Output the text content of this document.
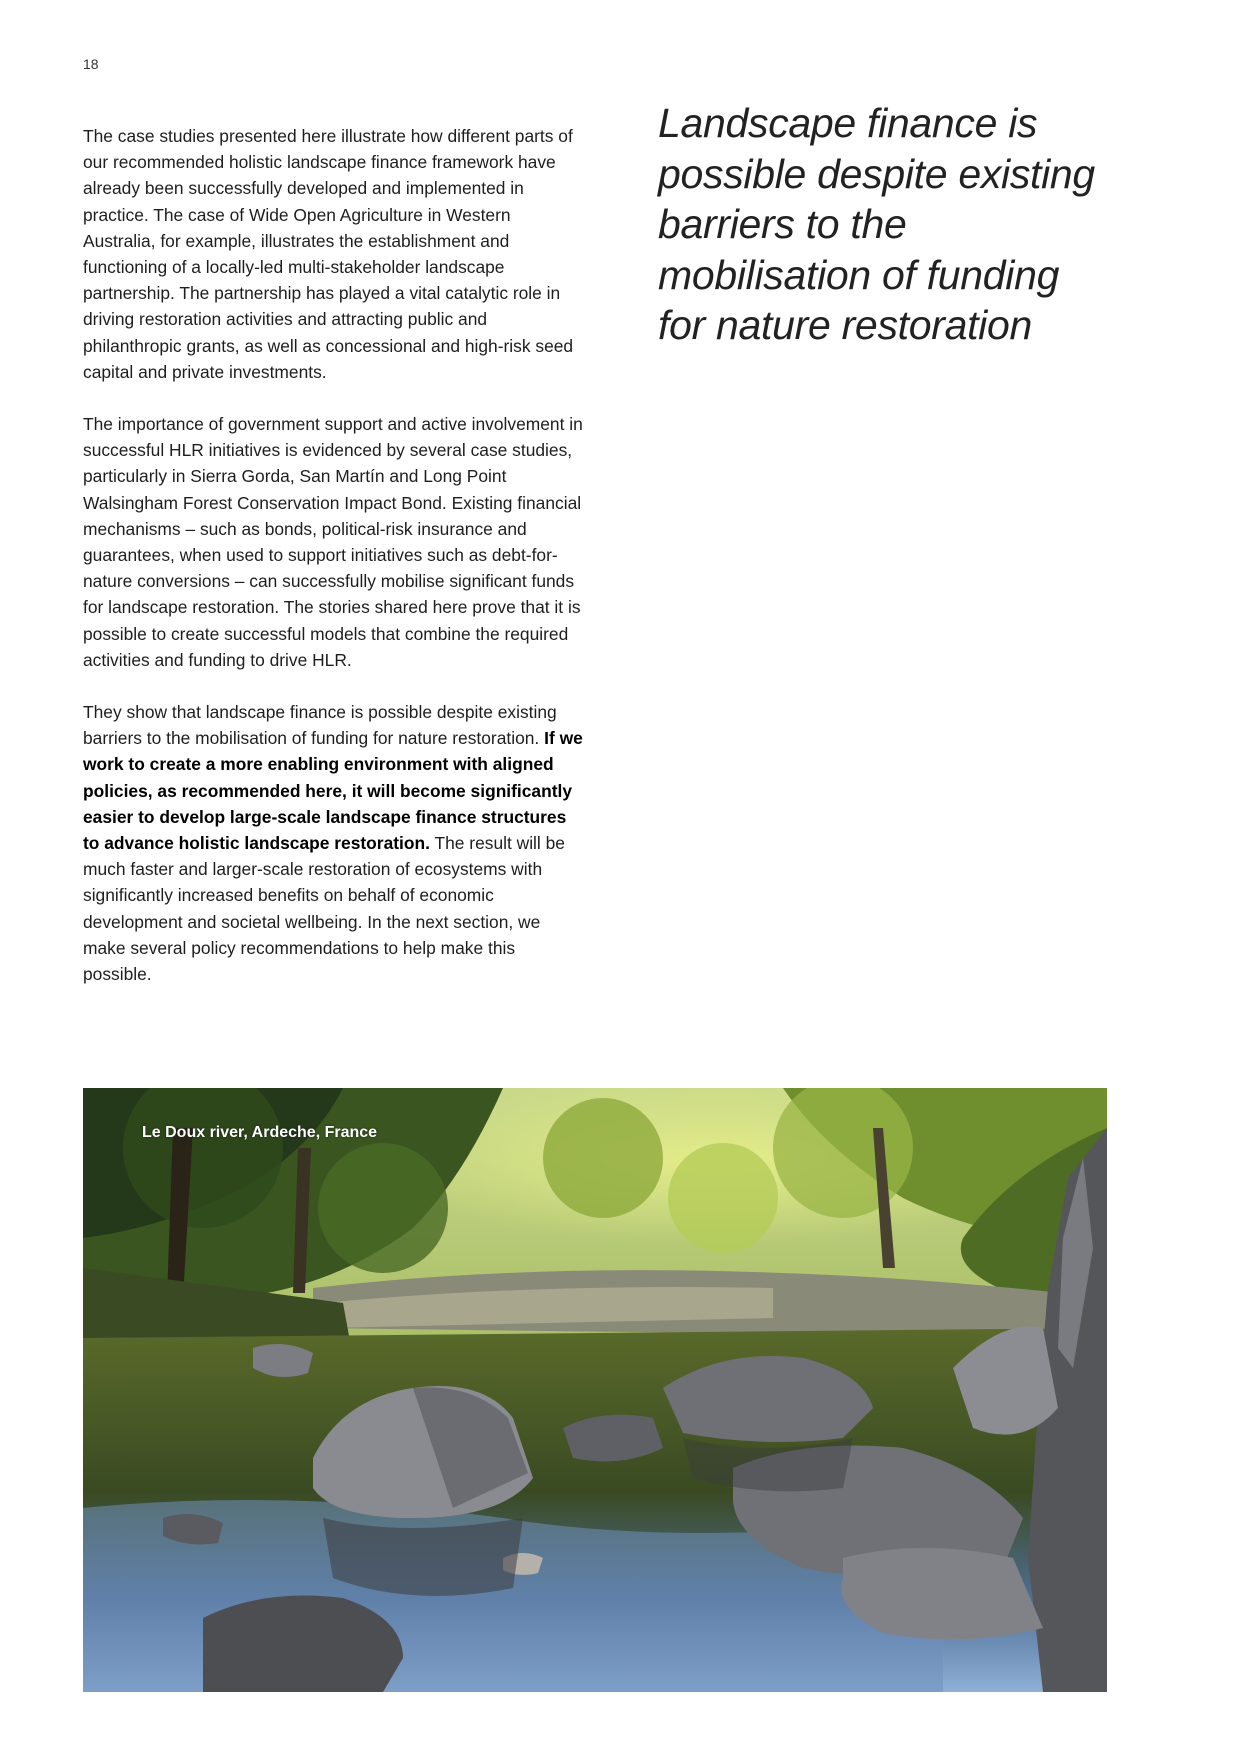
18

The case studies presented here illustrate how different parts of our recommended holistic landscape finance framework have already been successfully developed and implemented in practice. The case of Wide Open Agriculture in Western Australia, for example, illustrates the establishment and functioning of a locally-led multi-stakeholder landscape partnership. The partnership has played a vital catalytic role in driving restoration activities and attracting public and philanthropic grants, as well as concessional and high-risk seed capital and private investments.

The importance of government support and active involvement in successful HLR initiatives is evidenced by several case studies, particularly in Sierra Gorda, San Martín and Long Point Walsingham Forest Conservation Impact Bond. Existing financial mechanisms – such as bonds, political-risk insurance and guarantees, when used to support initiatives such as debt-for-nature conversions – can successfully mobilise significant funds for landscape restoration. The stories shared here prove that it is possible to create successful models that combine the required activities and funding to drive HLR.

They show that landscape finance is possible despite existing barriers to the mobilisation of funding for nature restoration. If we work to create a more enabling environment with aligned policies, as recommended here, it will become significantly easier to develop large-scale landscape finance structures to advance holistic landscape restoration. The result will be much faster and larger-scale restoration of ecosystems with significantly increased benefits on behalf of economic development and societal wellbeing. In the next section, we make several policy recommendations to help make this possible.

Landscape finance is possible despite existing barriers to the mobilisation of funding for nature restoration
Le Doux river, Ardeche, France
